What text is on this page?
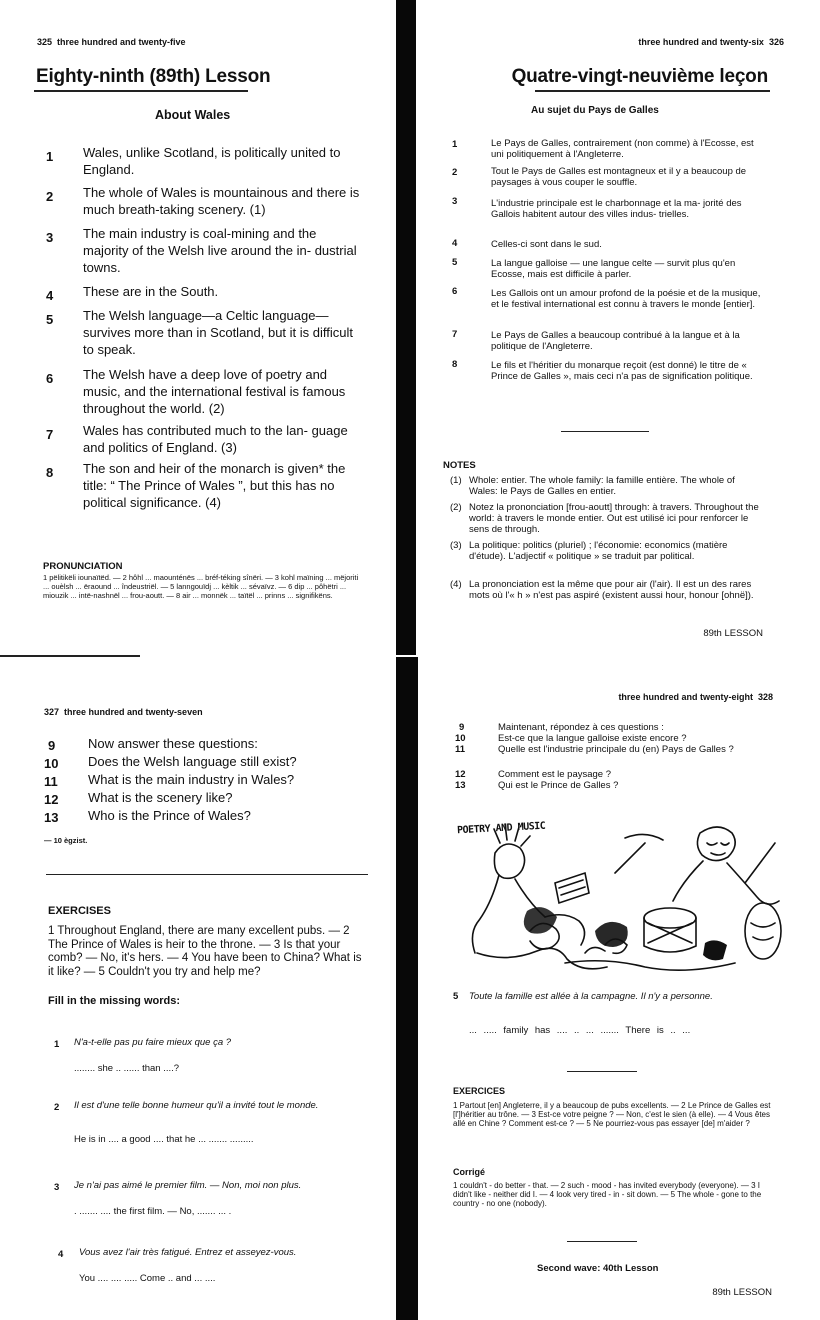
325 three hundred and twenty-five
Eighty-ninth (89th) Lesson
About Wales
1 Wales, unlike Scotland, is politically united to England.

2 The whole of Wales is mountainous and there is much breath-taking scenery. (1)

3 The main industry is coal-mining and the majority of the Welsh live around the in- dustrial towns.

4 These are in the South.

5 The Welsh language—a Celtic language— survives more than in Scotland, but it is difficult to speak.

6 The Welsh have a deep love of poetry and music, and the international festival is famous throughout the world. (2)

7 Wales has contributed much to the lan- guage and politics of England. (3)

8 The son and heir of the monarch is given* the title: “ The Prince of Wales ”, but this has no political significance. (4)

PRONUNCIATION

1 pëlitikëli iounaïtëd. — 2 hôhl ... maounténës ... bréf-téking sînëri. — 3 kohl maïning ... mëjoriti ... ouèlsh ... ëraound ... îndeustriël. — 5 lanngouïdj ... kèltik ... sévaïvz. — 6 dip ... pôhëtri ... miouzik ... intë-nashnël ... frou-aoutt. — 8 air ... monnëk ... taïtël ... prinns ... signifikëns.

three hundred and twenty-six 326
Quatre-vingt-neuvième leçon
Au sujet du Pays de Galles
1	Le Pays de Galles, contrairement (non comme) à l'Ecosse, est uni politiquement à l'Angleterre.

2	Tout le Pays de Galles est montagneux et il y a beaucoup de paysages à vous couper le souffle.

3	L'industrie principale est le charbonnage et la ma- jorité des Gallois habitent autour des villes indus- trielles.

4	Celles-ci sont dans le sud.

5	La langue galloise — une langue celte — survit plus qu'en Ecosse, mais est difficile à parler.

6	Les Gallois ont un amour profond de la poésie et de la musique, et le festival international est connu à travers le monde [entier].

7	Le Pays de Galles a beaucoup contribué à la langue et à la politique de l'Angleterre.

8	Le fils et l'héritier du monarque reçoit (est donné) le titre de « Prince de Galles », mais ceci n'a pas de signification politique.

NOTES
(1) Whole: entier. The whole family: la famille entière. The whole of Wales: le Pays de Galles en entier.

(2) Notez la prononciation [frou-aoutt] through: à travers. Throughout the world: à travers le monde entier. Out est utilisé ici pour renforcer le sens de through.

(3) La politique: politics (pluriel) ; l'économie: economics (matière d'étude). L'adjectif « politique » se traduit par political.

(4) La prononciation est la même que pour air (l'air). Il est un des rares mots où l'« h » n'est pas aspiré (existent aussi hour, honour [ohnë]).

89th LESSON
327 three hundred and twenty-seven
9	Now answer these questions:

10 Does the Welsh language still exist?

11 What is the main industry in Wales?

12 What is the scenery like?

13 Who is the Prince of Wales?

— 10 ègzist.
EXERCISES

1 Throughout England, there are many excellent pubs. — 2 The Prince of Wales is heir to the throne. — 3 Is that your comb? — No, it's hers. — 4 You have been to China? What is it like? — 5 Couldn't you try and help me?

Fill in the missing words:
1 N'a-t-elle pas pu faire mieux que ça ?

........ she .. ...... than ....?

2 Il est d'une telle bonne humeur qu'il a invité tout le monde.

He is in .... a good .... that he ... ....... .........

3 Je n'ai pas aimé le premier film. — Non, moi non plus.

. ....... .... the first film. — No, ....... ... .

4 Vous avez l'air très fatigué. Entrez et asseyez-vous.

You .... .... ..... Come .. and ... ....

three hundred and twenty-eight 328
9	Maintenant, répondez à ces questions :

10	Est-ce que la langue galloise existe encore ?

11	Quelle est l'industrie principale du (en) Pays de Galles ?

12	Comment est le paysage ?

13	Qui est le Prince de Galles ?

POETRY AND MUSIC
5 Toute la famille est allée à la campagne. Il n'y a personne.

... ..... family has .... .. ... ....... There is .. ...

EXERCICES

1 Partout [en] Angleterre, il y a beaucoup de pubs excellents. — 2 Le Prince de Galles est [l']héritier au trône. — 3 Est-ce votre peigne ? — Non, c'est le sien (à elle). — 4 Vous êtes allé en Chine ? Comment est-ce ? — 5 Ne pourriez-vous pas essayer [de] m'aider ?

Corrigé

1 couldn't - do better - that. — 2 such - mood - has invited everybody (everyone). — 3 I didn't like - neither did I. — 4 look very tired - in - sit down. — 5 The whole - gone to the country - no one (nobody).

Second wave: 40th Lesson
89th LESSON
